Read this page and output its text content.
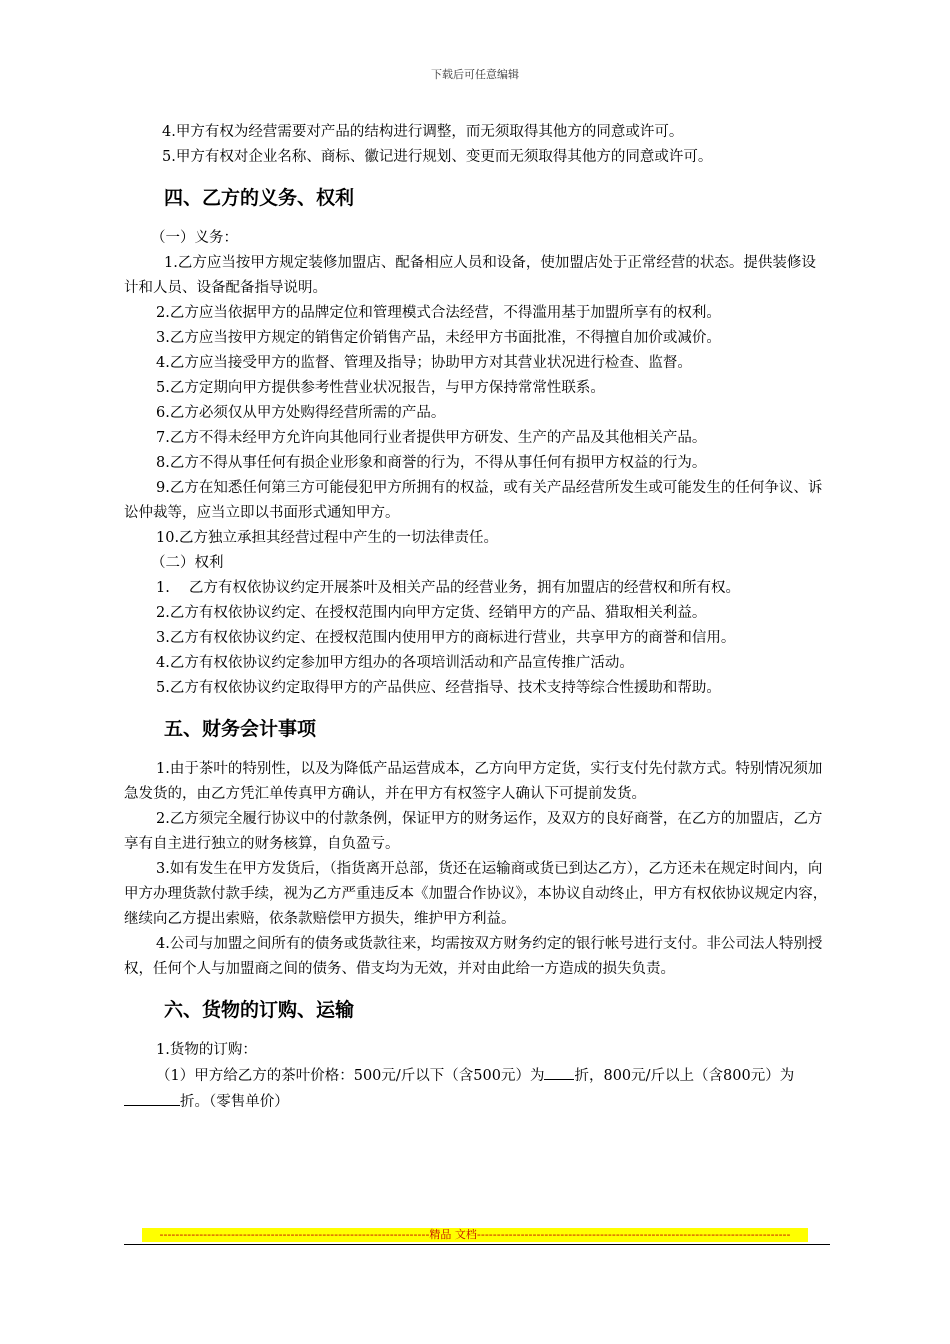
下载后可任意编辑

4.甲方有权为经营需要对产品的结构进行调整，而无须取得其他方的同意或许可。

5.甲方有权对企业名称、商标、徽记进行规划、变更而无须取得其他方的同意或许可。

四、乙方的义务、权利

（一）义务：

1.乙方应当按甲方规定装修加盟店、配备相应人员和设备，使加盟店处于正常经营的状态。提供装修设计和人员、设备配备指导说明。

2.乙方应当依据甲方的品牌定位和管理模式合法经营，不得滥用基于加盟所享有的权利。

3.乙方应当按甲方规定的销售定价销售产品，未经甲方书面批准，不得擅自加价或减价。

4.乙方应当接受甲方的监督、管理及指导；协助甲方对其营业状况进行检查、监督。

5.乙方定期向甲方提供参考性营业状况报告，与甲方保持常常性联系。

6.乙方必须仅从甲方处购得经营所需的产品。

7.乙方不得未经甲方允许向其他同行业者提供甲方研发、生产的产品及其他相关产品。

8.乙方不得从事任何有损企业形象和商誉的行为，不得从事任何有损甲方权益的行为。

9.乙方在知悉任何第三方可能侵犯甲方所拥有的权益，或有关产品经营所发生或可能发生的任何争议、诉讼仲裁等，应当立即以书面形式通知甲方。

10.乙方独立承担其经营过程中产生的一切法律责任。

（二）权利

1.　 乙方有权依协议约定开展茶叶及相关产品的经营业务，拥有加盟店的经营权和所有权。

2.乙方有权依协议约定、在授权范围内向甲方定货、经销甲方的产品、猎取相关利益。

3.乙方有权依协议约定、在授权范围内使用甲方的商标进行营业，共享甲方的商誉和信用。

4.乙方有权依协议约定参加甲方组办的各项培训活动和产品宣传推广活动。

5.乙方有权依协议约定取得甲方的产品供应、经营指导、技术支持等综合性援助和帮助。

五、财务会计事项

1.由于茶叶的特别性，以及为降低产品运营成本，乙方向甲方定货，实行支付先付款方式。特别情况须加急发货的，由乙方凭汇单传真甲方确认，并在甲方有权签字人确认下可提前发货。

2.乙方须完全履行协议中的付款条例，保证甲方的财务运作，及双方的良好商誉，在乙方的加盟店，乙方享有自主进行独立的财务核算，自负盈亏。

3.如有发生在甲方发货后，（指货离开总部，货还在运输商或货已到达乙方），乙方还未在规定时间内，向甲方办理货款付款手续，视为乙方严重违反本《加盟合作协议》，本协议自动终止，甲方有权依协议规定内容，继续向乙方提出索赔，依条款赔偿甲方损失，维护甲方利益。

4.公司与加盟之间所有的债务或货款往来，均需按双方财务约定的银行帐号进行支付。非公司法人特别授权，任何个人与加盟商之间的债务、借支均为无效，并对由此给一方造成的损失负责。

六、货物的订购、运输

1.货物的订购：

（1）甲方给乙方的茶叶价格：500元/斤以下（含500元）为 折，800元/斤以上（含800元）为折。（零售单价）

--------------------------------------------------------------------精品 文档-------------------------------------------------------------------------------
